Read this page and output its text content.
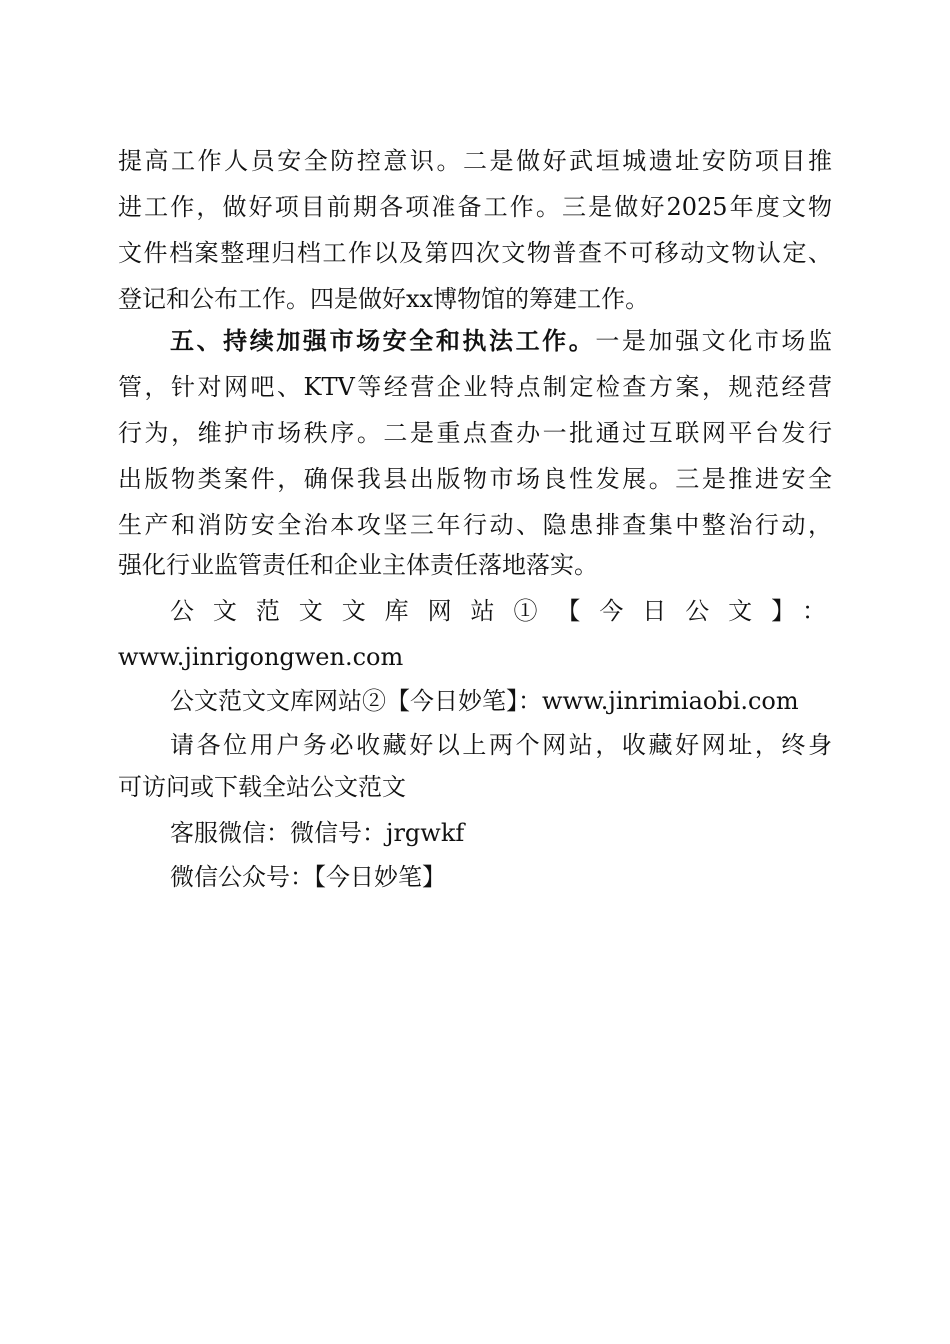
提高工作人员安全防控意识。二是做好武垣城遗址安防项目推
进工作，做好项目前期各项准备工作。三是做好2025年度文物
文件档案整理归档工作以及第四次文物普查不可移动文物认定、
登记和公布工作。四是做好xx博物馆的筹建工作。
五、持续加强市场安全和执法工作。一是加强文化市场监
管，针对网吧、KTV等经营企业特点制定检查方案，规范经营
行为，维护市场秩序。二是重点查办一批通过互联网平台发行
出版物类案件，确保我县出版物市场良性发展。三是推进安全
生产和消防安全治本攻坚三年行动、隐患排查集中整治行动，
强化行业监管责任和企业主体责任落地落实。
公文范文文库网站①【今日公文】：
www.jinrigongwen.com
公文范文文库网站②【今日妙笔】：www.jinrimiaobi.com
请各位用户务必收藏好以上两个网站，收藏好网址，终身
可访问或下载全站公文范文
客服微信：微信号：jrgwkf
微信公众号：【今日妙笔】
